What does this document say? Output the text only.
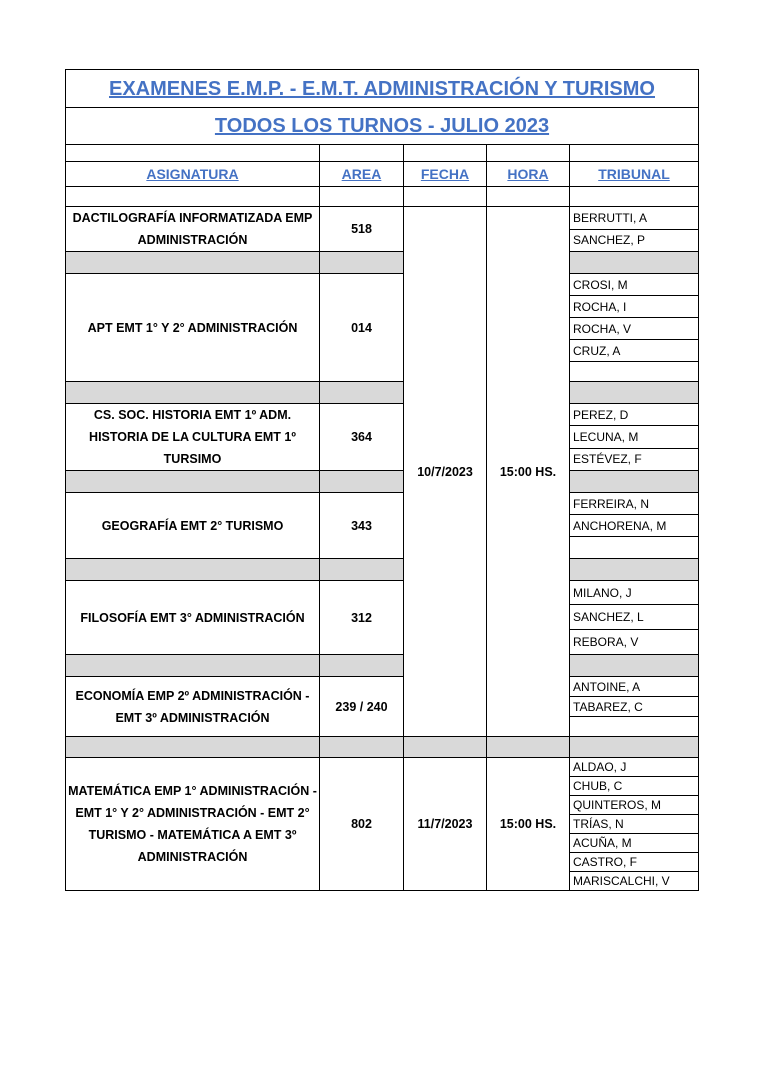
EXAMENES E.M.P. - E.M.T. ADMINISTRACIÓN Y TURISMO				
TODOS LOS TURNOS - JULIO 2023				

ASIGNATURA	AREA	FECHA	HORA	TRIBUNAL

DACTILOGRAFÍA INFORMATIZADA EMP ADMINISTRACIÓN	518	10/7/2023	15:00 HS.	BERRUTTI, A
				SANCHEZ, P

APT EMT 1° Y 2° ADMINISTRACIÓN	014			CROSI, M
				ROCHA, I
				ROCHA, V
				CRUZ, A

CS. SOC. HISTORIA EMT 1º ADM. HISTORIA DE LA CULTURA EMT 1º TURSIMO	364			PEREZ, D
				LECUNA, M
				ESTÉVEZ, F

GEOGRAFÍA EMT 2° TURISMO	343			FERREIRA, N
				ANCHORENA, M

FILOSOFÍA EMT 3° ADMINISTRACIÓN	312			MILANO, J
				SANCHEZ, L
				REBORA, V

ECONOMÍA EMP 2º ADMINISTRACIÓN - EMT 3º ADMINISTRACIÓN	239 / 240			ANTOINE, A
				TABAREZ, C

MATEMÁTICA EMP 1° ADMINISTRACIÓN - EMT 1° Y 2° ADMINISTRACIÓN - EMT 2° TURISMO - MATEMÁTICA A EMT 3º ADMINISTRACIÓN	802	11/7/2023	15:00 HS.	ALDAO, J
				CHUB, C
				QUINTEROS, M
				TRÍAS, N
				ACUÑA, M
				CASTRO, F
				MARISCALCHI, V
